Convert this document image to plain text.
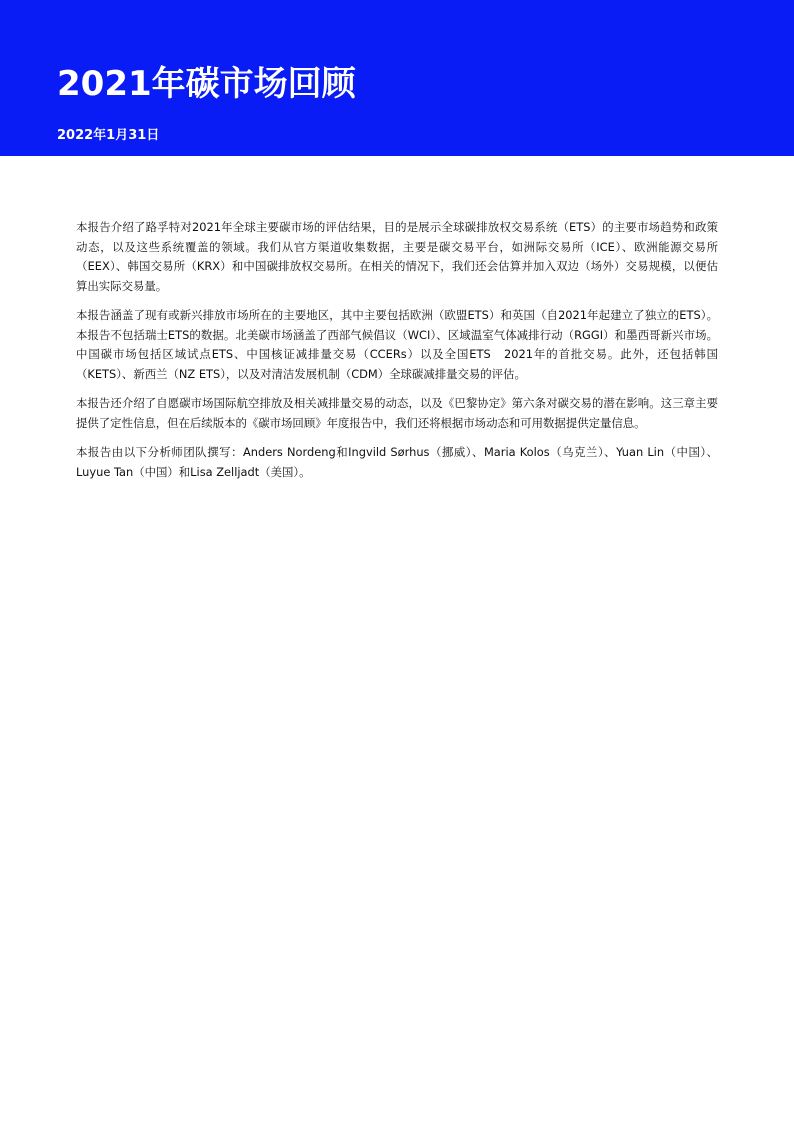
2021年碳市场回顾
2022年1月31日

本报告介绍了路孚特对2021年全球主要碳市场的评估结果，目的是展示全球碳排放权交易系统（ETS）的主要市场趋势和政策动态，以及这些系统覆盖的领域。我们从官方渠道收集数据，主要是碳交易平台，如洲际交易所（ICE）、欧洲能源交易所（EEX）、韩国交易所（KRX）和中国碳排放权交易所。在相关的情况下，我们还会估算并加入双边（场外）交易规模，以便估算出实际交易量。

本报告涵盖了现有或新兴排放市场所在的主要地区，其中主要包括欧洲（欧盟ETS）和英国（自2021年起建立了独立的ETS）。本报告不包括瑞士ETS的数据。北美碳市场涵盖了西部气候倡议（WCI）、区域温室气体减排行动（RGGI）和墨西哥新兴市场。中国碳市场包括区域试点ETS、中国核证减排量交易（CCERs）以及全国ETS　2021年的首批交易。此外，还包括韩国（KETS）、新西兰（NZ ETS），以及对清洁发展机制（CDM）全球碳减排量交易的评估。

本报告还介绍了自愿碳市场国际航空排放及相关减排量交易的动态，以及《巴黎协定》第六条对碳交易的潜在影响。这三章主要提供了定性信息，但在后续版本的《碳市场回顾》年度报告中，我们还将根据市场动态和可用数据提供定量信息。

本报告由以下分析师团队撰写：Anders Nordeng和Ingvild Sørhus（挪威）、Maria Kolos（乌克兰）、Yuan Lin（中国）、Luyue Tan（中国）和Lisa Zelljadt（美国）。
